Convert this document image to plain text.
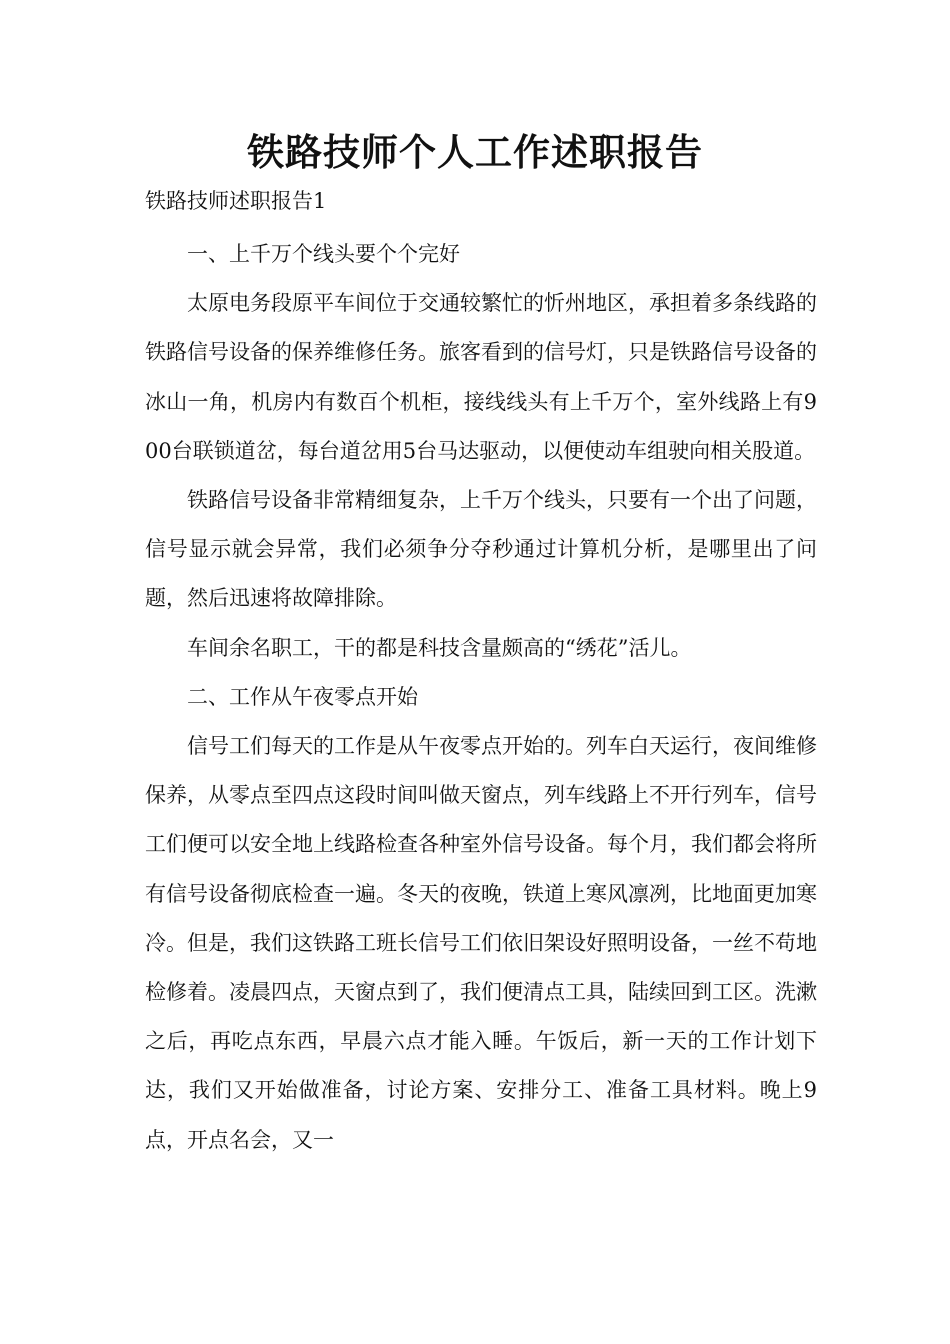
铁路技师个人工作述职报告

铁路技师述职报告1

一、上千万个线头要个个完好

太原电务段原平车间位于交通较繁忙的忻州地区，承担着多条线路的铁路信号设备的保养维修任务。旅客看到的信号灯，只是铁路信号设备的冰山一角，机房内有数百个机柜，接线线头有上千万个，室外线路上有900台联锁道岔，每台道岔用5台马达驱动，以便使动车组驶向相关股道。

铁路信号设备非常精细复杂，上千万个线头，只要有一个出了问题，信号显示就会异常，我们必须争分夺秒通过计算机分析，是哪里出了问题，然后迅速将故障排除。

车间余名职工，干的都是科技含量颇高的“绣花”活儿。

二、工作从午夜零点开始

信号工们每天的工作是从午夜零点开始的。列车白天运行，夜间维修保养，从零点至四点这段时间叫做天窗点，列车线路上不开行列车，信号工们便可以安全地上线路检查各种室外信号设备。每个月，我们都会将所有信号设备彻底检查一遍。冬天的夜晚，铁道上寒风凛冽，比地面更加寒冷。但是，我们这铁路工班长信号工们依旧架设好照明设备，一丝不苟地检修着。凌晨四点，天窗点到了，我们便清点工具，陆续回到工区。洗漱之后，再吃点东西，早晨六点才能入睡。午饭后，新一天的工作计划下达，我们又开始做准备，讨论方案、安排分工、准备工具材料。晚上9点，开点名会，又一
